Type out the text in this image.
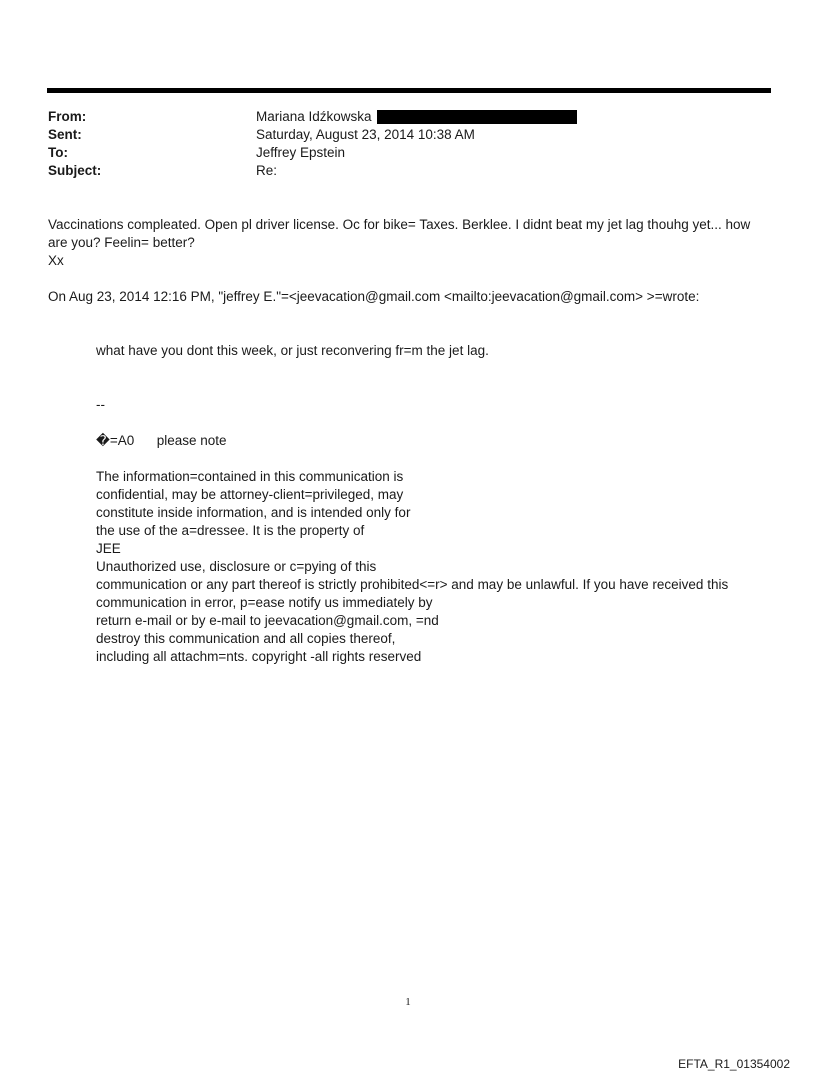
From:	Mariana Idźkowska
Sent:	Saturday, August 23, 2014 10:38 AM
To:	Jeffrey Epstein
Subject:	Re:
Vaccinations compleated. Open pl driver license. Oc for bike= Taxes. Berklee. I didnt beat my jet lag thouhg yet... how
are you? Feelin= better?
Xx
On Aug 23, 2014 12:16 PM, "jeffrey E."=<jeevacation@gmail.com <mailto:jeevacation@gmail.com> >=wrote:
what have you dont this week, or just reconvering fr=m the jet lag.
--
�=A0      please note
The information=contained in this communication is
confidential, may be attorney-client=privileged, may
constitute inside information, and is intended only for
the use of the a=dressee. It is the property of
JEE
Unauthorized use, disclosure or c=pying of this
communication or any part thereof is strictly prohibited<=r> and may be unlawful. If you have received this
communication in error, p=ease notify us immediately by
return e-mail or by e-mail to jeevacation@gmail.com, =nd
destroy this communication and all copies thereof,
including all attachm=nts. copyright -all rights reserved
1
EFTA_R1_01354002
